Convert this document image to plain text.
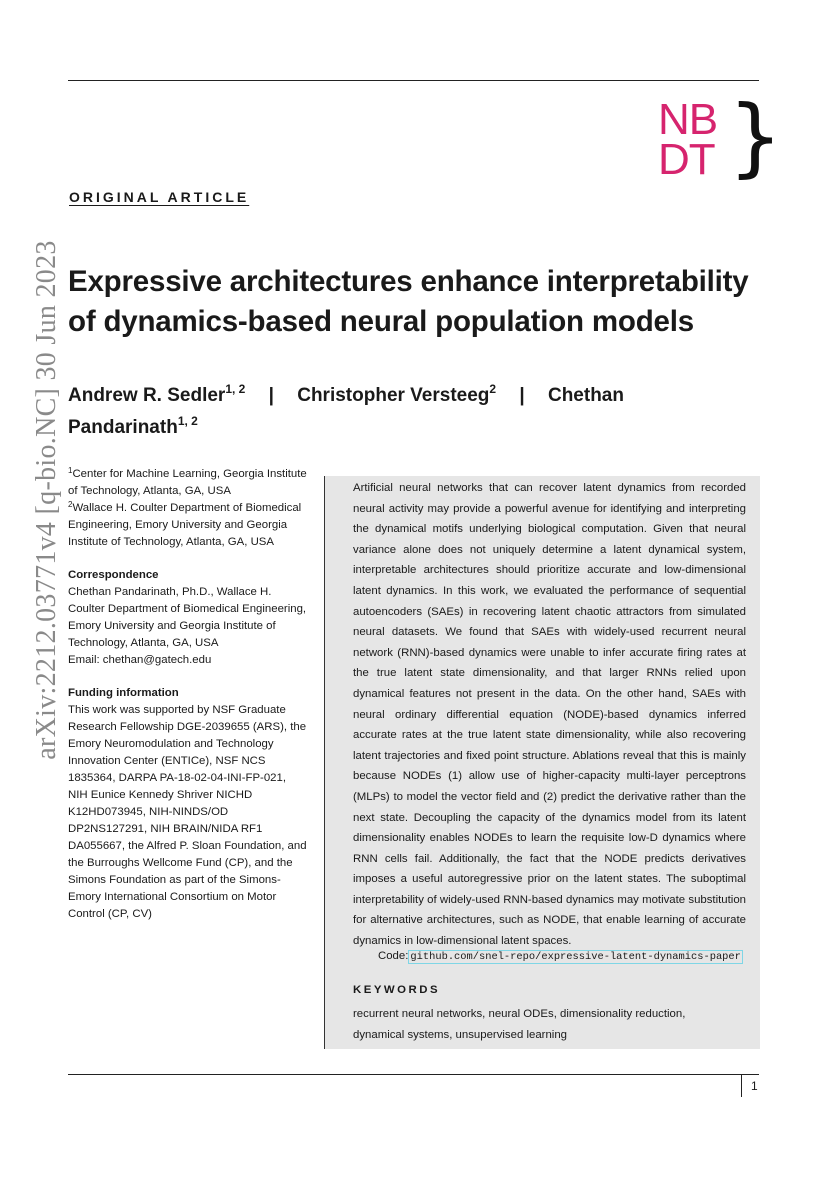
arXiv:2212.03771v4 [q-bio.NC] 30 Jun 2023
NB
DT }
ORIGINAL ARTICLE
Expressive architectures enhance interpretability of dynamics-based neural population models
Andrew R. Sedler$^{1, 2}$ | Christopher Versteeg$^2$ | Chethan Pandarinath$^{1, 2}$

$^1$Center for Machine Learning, Georgia Institute of Technology, Atlanta, GA, USA

$^2$Wallace H. Coulter Department of Biomedical Engineering, Emory University and Georgia Institute of Technology, Atlanta, GA, USA

Correspondence

Chethan Pandarinath, Ph.D., Wallace H. Coulter Department of Biomedical Engineering, Emory University and Georgia Institute of Technology, Atlanta, GA, USA

Email: chethan@gatech.edu

Funding information

This work was supported by NSF Graduate Research Fellowship DGE-2039655 (ARS), the Emory Neuromodulation and Technology Innovation Center (ENTICe), NSF NCS 1835364, DARPA PA-18-02-04-INI-FP-021, NIH Eunice Kennedy Shriver NICHD K12HD073945, NIH-NINDS/OD DP2NS127291, NIH BRAIN/NIDA RF1 DA055667, the Alfred P. Sloan Foundation, and the Burroughs Wellcome Fund (CP), and the Simons Foundation as part of the Simons-Emory International Consortium on Motor Control (CP, CV)

Artificial neural networks that can recover latent dynamics from recorded neural activity may provide a powerful avenue for identifying and interpreting the dynamical motifs underlying biological computation. Given that neural variance alone does not uniquely determine a latent dynamical system, interpretable architectures should prioritize accurate and low-dimensional latent dynamics. In this work, we evaluated the performance of sequential autoencoders (SAEs) in recovering latent chaotic attractors from simulated neural datasets. We found that SAEs with widely-used recurrent neural network (RNN)-based dynamics were unable to infer accurate firing rates at the true latent state dimensionality, and that larger RNNs relied upon dynamical features not present in the data. On the other hand, SAEs with neural ordinary differential equation (NODE)-based dynamics inferred accurate rates at the true latent state dimensionality, while also recovering latent trajectories and fixed point structure. Ablations reveal that this is mainly because NODEs (1) allow use of higher-capacity multi-layer perceptrons (MLPs) to model the vector field and (2) predict the derivative rather than the next state. Decoupling the capacity of the dynamics model from its latent dimensionality enables NODEs to learn the requisite low-D dynamics where RNN cells fail. Additionally, the fact that the NODE predicts derivatives imposes a useful autoregressive prior on the latent states. The suboptimal interpretability of widely-used RNN-based dynamics may motivate substitution for alternative architectures, such as NODE, that enable learning of accurate dynamics in low-dimensional latent spaces.

Code: github.com/snel-repo/expressive-latent-dynamics-paper
KEYWORDS

recurrent neural networks, neural ODEs, dimensionality reduction, dynamical systems, unsupervised learning

1
